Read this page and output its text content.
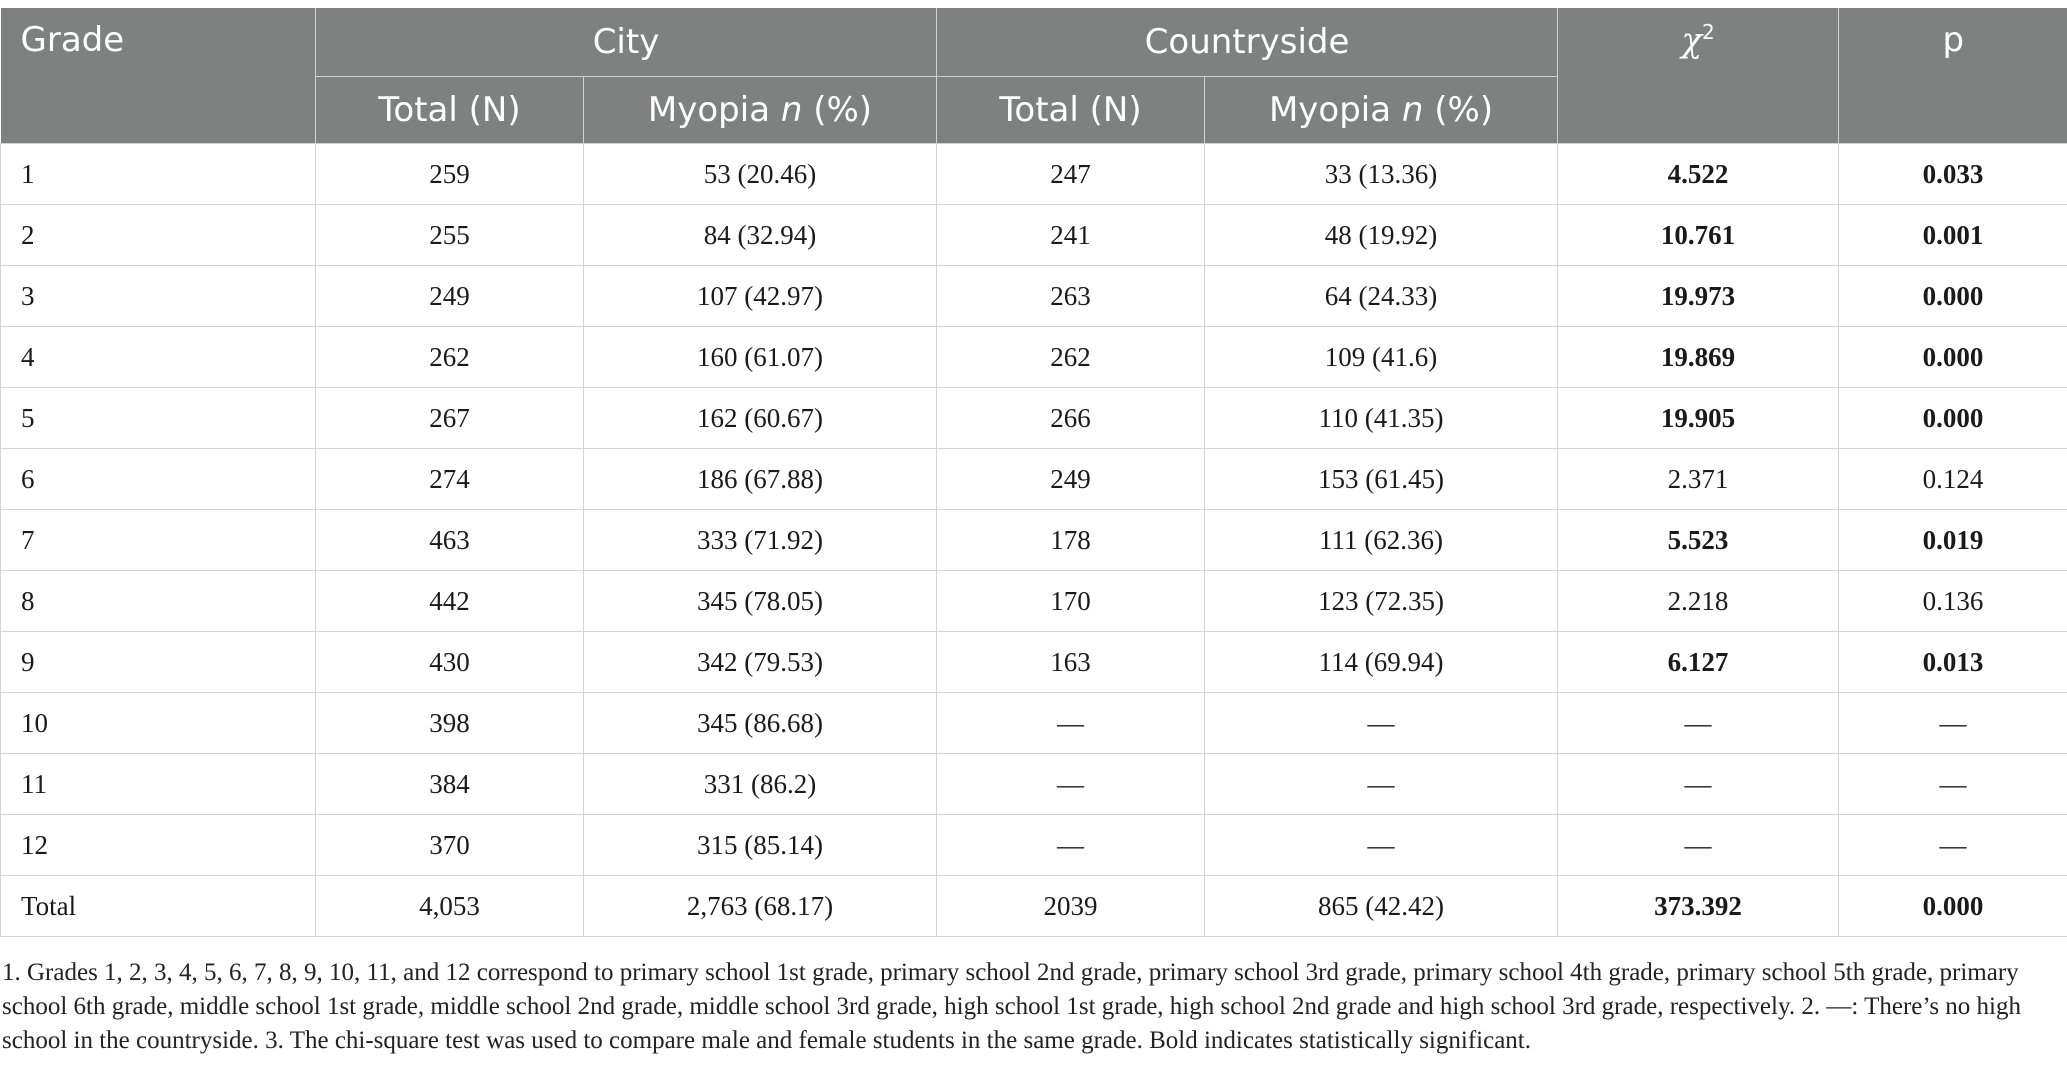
Grade	City		Countryside		$\chi^2$	p
	Total (N)	Myopia n (%)	Total (N)	Myopia n (%)		
1	259	53 (20.46)	247	33 (13.36)	4.522	0.033
2	255	84 (32.94)	241	48 (19.92)	10.761	0.001
3	249	107 (42.97)	263	64 (24.33)	19.973	0.000
4	262	160 (61.07)	262	109 (41.6)	19.869	0.000
5	267	162 (60.67)	266	110 (41.35)	19.905	0.000
6	274	186 (67.88)	249	153 (61.45)	2.371	0.124
7	463	333 (71.92)	178	111 (62.36)	5.523	0.019
8	442	345 (78.05)	170	123 (72.35)	2.218	0.136
9	430	342 (79.53)	163	114 (69.94)	6.127	0.013
10	398	345 (86.68)	—	—	—	—
11	384	331 (86.2)	—	—	—	—
12	370	315 (85.14)	—	—	—	—
Total	4,053	2,763 (68.17)	2039	865 (42.42)	373.392	0.000

1. Grades 1, 2, 3, 4, 5, 6, 7, 8, 9, 10, 11, and 12 correspond to primary school 1st grade, primary school 2nd grade, primary school 3rd grade, primary school 4th grade, primary school 5th grade, primary school 6th grade, middle school 1st grade, middle school 2nd grade, middle school 3rd grade, high school 1st grade, high school 2nd grade and high school 3rd grade, respectively. 2. —: There’s no high school in the countryside. 3. The chi-square test was used to compare male and female students in the same grade. Bold indicates statistically significant.
